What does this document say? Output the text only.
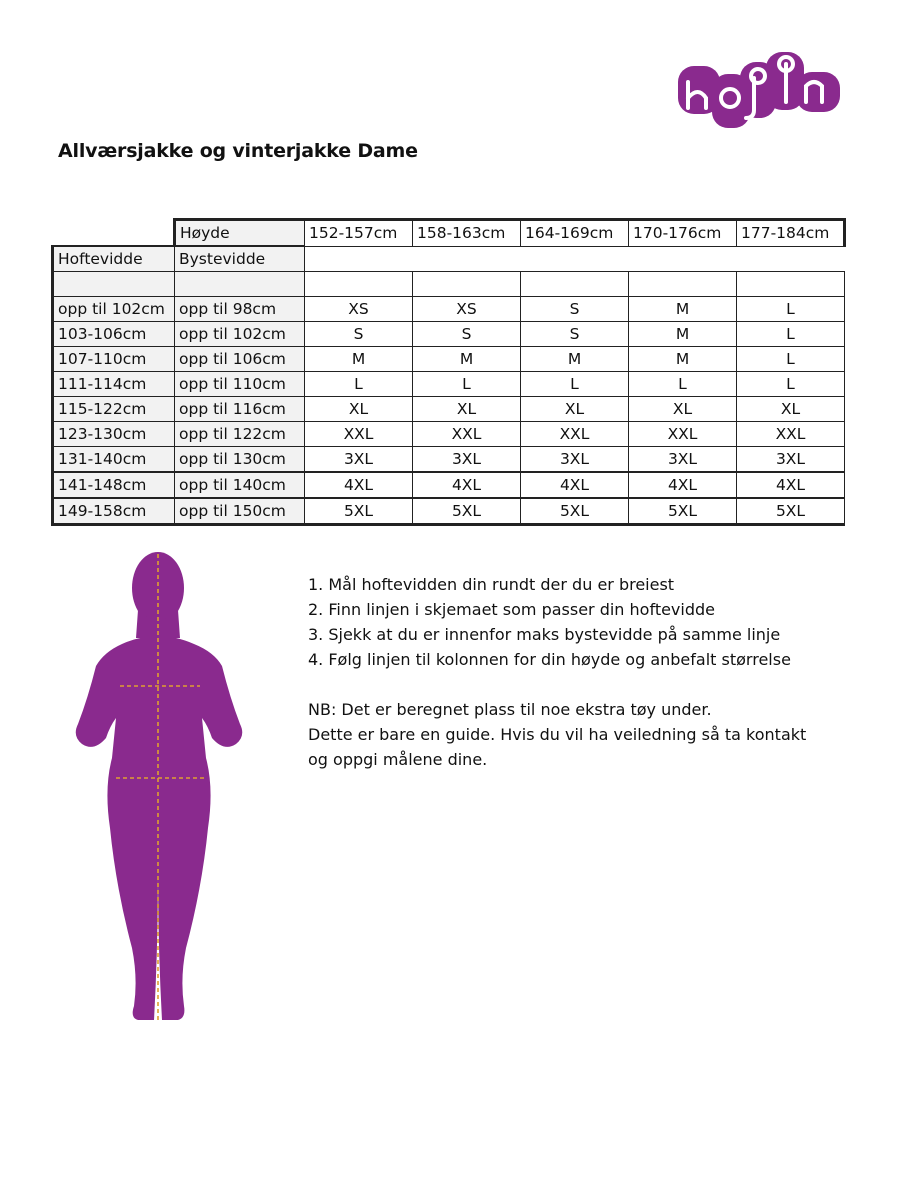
Allværsjakke og vinterjakke Dame
	Høyde	152-157cm	158-163cm	164-169cm	170-176cm	177-184cm
Hoftevidde	Bystevidde					

opp til 102cm	opp til 98cm	XS	XS	S	M	L
103-106cm	opp til 102cm	S	S	S	M	L
107-110cm	opp til 106cm	M	M	M	M	L
111-114cm	opp til 110cm	L	L	L	L	L
115-122cm	opp til 116cm	XL	XL	XL	XL	XL
123-130cm	opp til 122cm	XXL	XXL	XXL	XXL	XXL
131-140cm	opp til 130cm	3XL	3XL	3XL	3XL	3XL
141-148cm	opp til 140cm	4XL	4XL	4XL	4XL	4XL
149-158cm	opp til 150cm	5XL	5XL	5XL	5XL	5XL

1. Mål hoftevidden din rundt der du er breiest

2. Finn linjen i skjemaet som passer din hoftevidde

3. Sjekk at du er innenfor maks bystevidde på samme linje

4. Følg linjen til kolonnen for din høyde og anbefalt størrelse

NB: Det er beregnet plass til noe ekstra tøy under.

Dette er bare en guide. Hvis du vil ha veiledning så ta kontakt

og oppgi målene dine.
